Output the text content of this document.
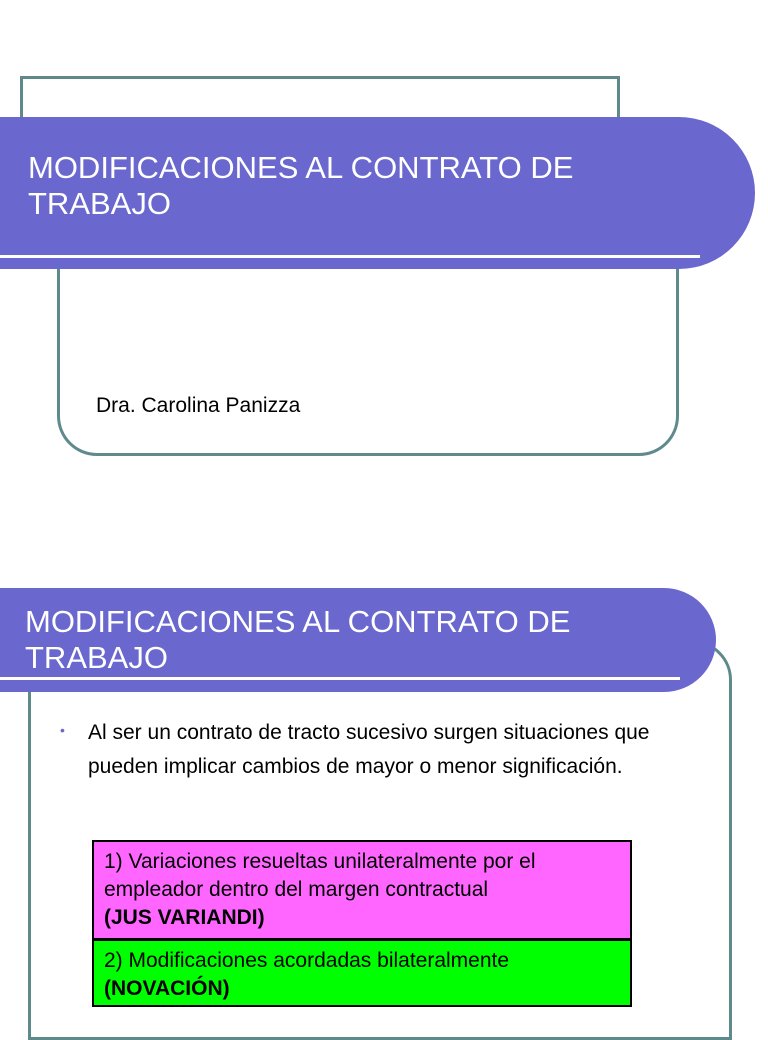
MODIFICACIONES AL CONTRATO DE
TRABAJO
Dra. Carolina Panizza
MODIFICACIONES AL CONTRATO DE
TRABAJO
• Al ser un contrato de tracto sucesivo surgen situaciones que pueden implicar cambios de mayor o menor significación.
1) Variaciones resueltas unilateralmente por el empleador dentro del margen contractual
(JUS VARIANDI)
2) Modificaciones acordadas bilateralmente
(NOVACIÓN)
